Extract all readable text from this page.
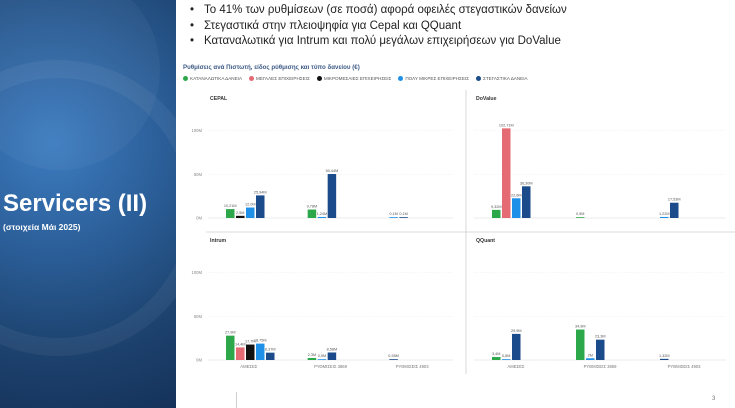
Servicers (II)
(στοιχεία Μάι 2025)
• Το 41% των ρυθμίσεων (σε ποσά) αφορά οφειλές στεγαστικών δανείων
• Στεγαστικά στην πλειοψηφία για Cepal και QQuant
• Καταναλωτικά για Intrum και πολύ μεγάλων επιχειρήσεων για DoValue
Ρυθμίσεις ανά Πιστωτή, είδος ρύθμισης και τύπο δανείου (€)
ΚΑΤΑΝΑΛΩΤΙΚΑ ΔΑΝΕΙΑ	ΜΕΓΑΛΕΣ ΕΠΙΧΕΙΡΗΣΕΙΣ	ΜΙΚΡΟΜΕΣΑΙΕΣ ΕΠΙΧΕΙΡΗΣΕΙΣ	ΠΟΛΥ ΜΙΚΡΕΣ ΕΠΙΧΕΙΡΗΣΕΙΣ	ΣΤΕΓΑΣΤΙΚΑ ΔΑΝΕΙΑ
CEPAL
100M
50M
0M
10,21M
2,5M
12,0M
25,94M
9,78M
1,24M
50,44M
0,1M 0,1M
DoValue
9,32M
102,71M
22,6M
36,30M
0,9M	1,22M
17,53M
Intrum
100M
50M
0M
27,9M
14,4M
17,7M
18,75M
8,37M
2,3M 0,5M
8,58M
0,55M
ΑΜΕΣΕΣ	ΡΥΘΜΙΣΕΙΣ 3869	ΡΥΘΜΙΣΕΙΣ 4903
QQuant
3,4M
0,8M
29,9M
34,9M
2M
23,3M
1,32M
ΑΜΕΣΕΣ	ΡΥΘΜΙΣΕΙΣ 3869	ΡΥΘΜΙΣΕΙΣ 4903
3
